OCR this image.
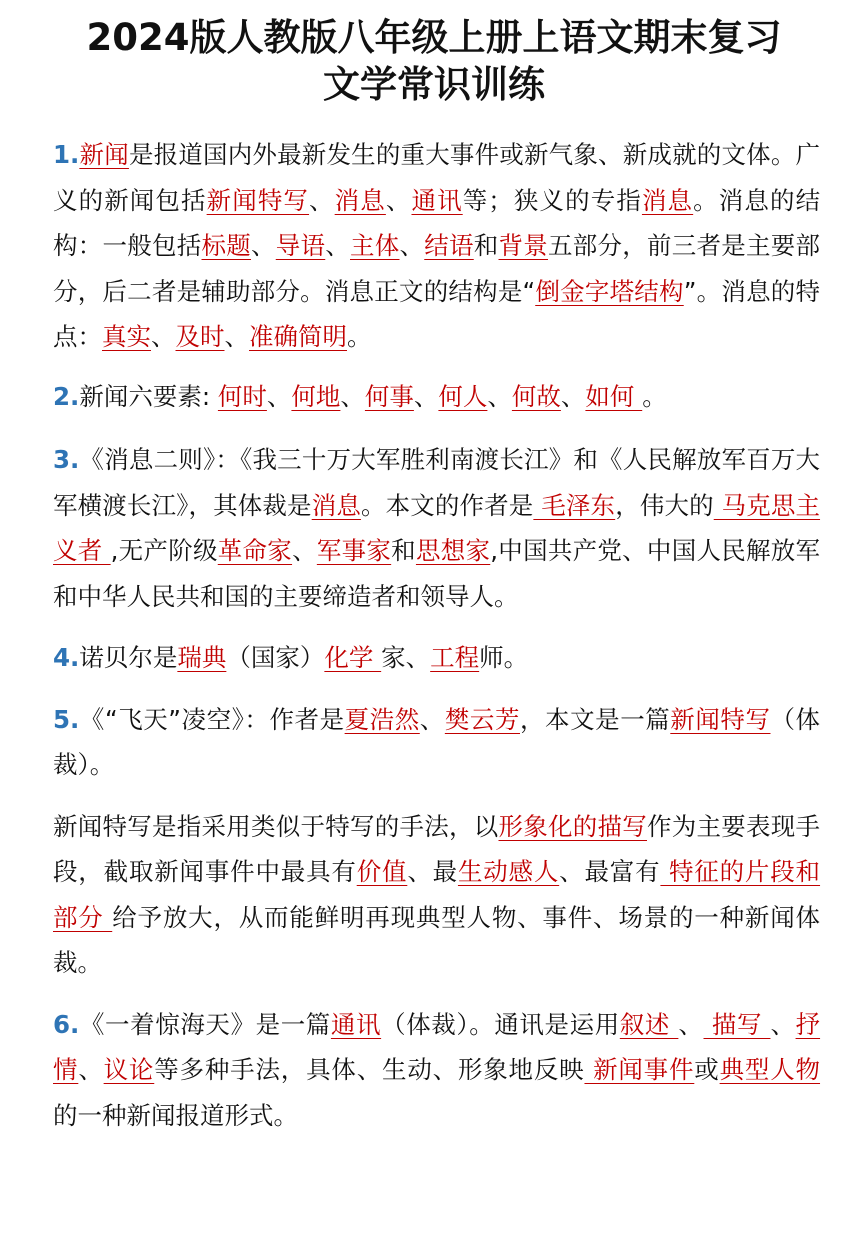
2024版人教版八年级上册上语文期末复习
文学常识训练

1.新闻是报道国内外最新发生的重大事件或新气象、新成就的文体。广义的新闻包括新闻特写、消息、通讯等；狭义的专指消息。消息的结构：一般包括标题、导语、主体、结语和背景五部分，前三者是主要部分，后二者是辅助部分。消息正文的结构是“倒金字塔结构”。消息的特点：真实、及时、准确简明。

2.新闻六要素: 何时、何地、何事、何人、何故、如何 。

3.《消息二则》：《我三十万大军胜利南渡长江》和《人民解放军百万大军横渡长江》，其体裁是消息。本文的作者是 毛泽东，伟大的 马克思主义者 ,无产阶级革命家、军事家和思想家,中国共产党、中国人民解放军和中华人民共和国的主要缔造者和领导人。

4.诺贝尔是瑞典（国家）化学 家、工程师。

5.《“飞天”凌空》：作者是夏浩然、樊云芳，本文是一篇新闻特写（体裁）。

新闻特写是指采用类似于特写的手法，以形象化的描写作为主要表现手段，截取新闻事件中最具有价值、最生动感人、最富有 特征的片段和部分 给予放大，从而能鲜明再现典型人物、事件、场景的一种新闻体裁。

6.《一着惊海天》是一篇通讯（体裁）。通讯是运用叙述 、 描写 、抒情、议论等多种手法，具体、生动、形象地反映 新闻事件或典型人物的一种新闻报道形式。
